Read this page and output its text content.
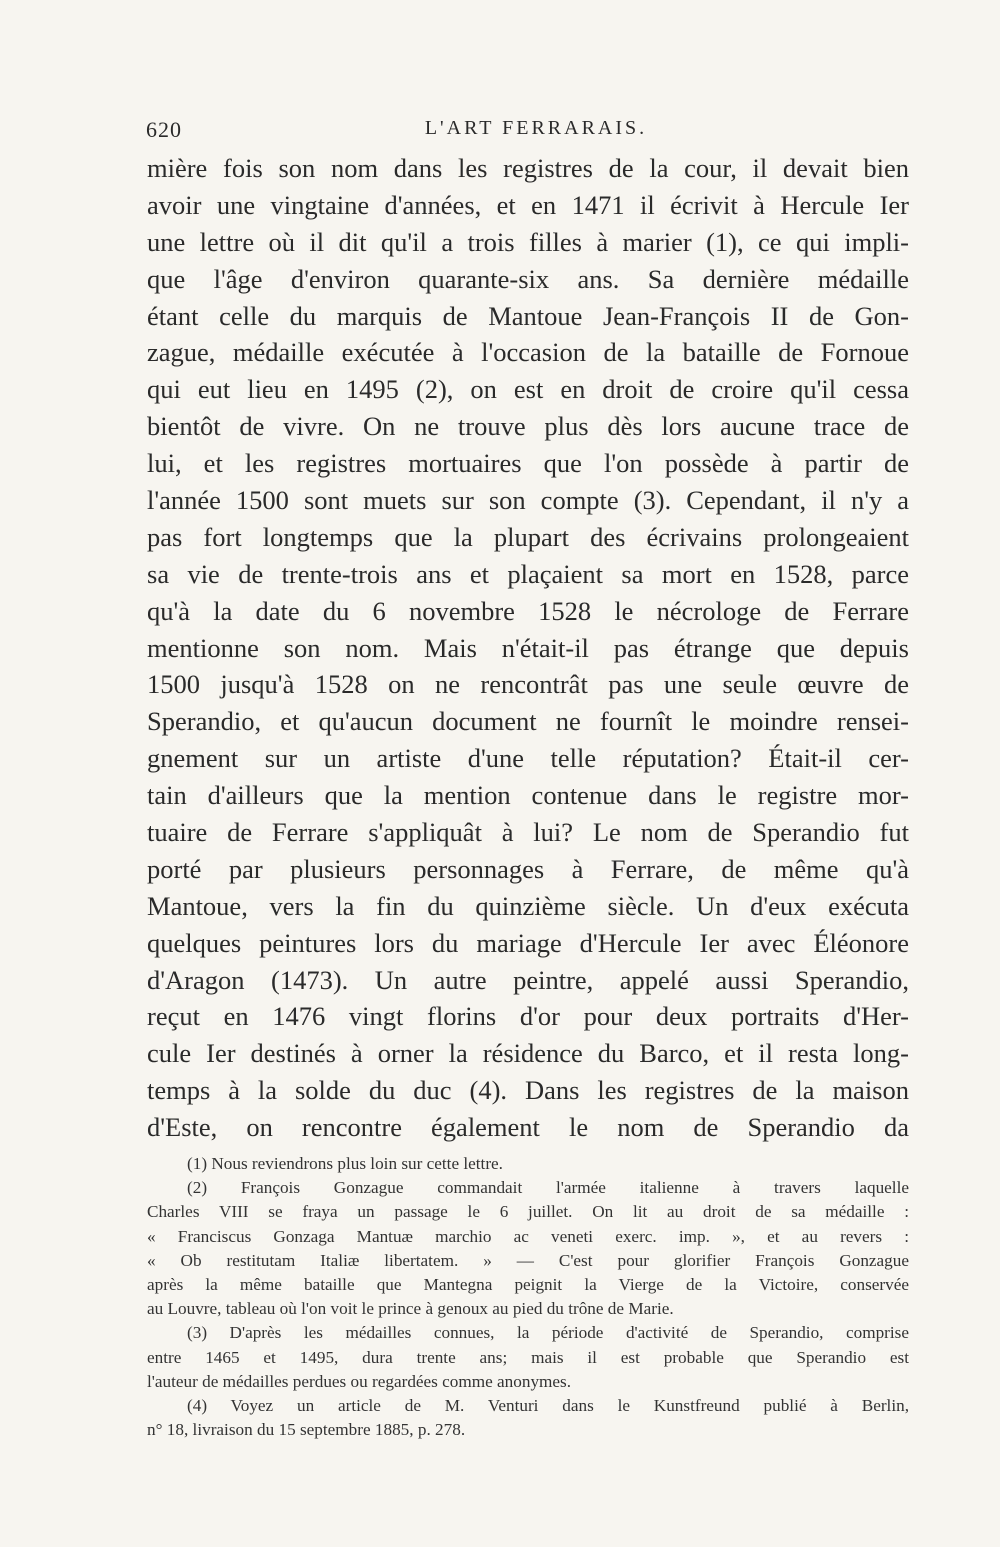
620	L'ART FERRARAIS.
mière fois son nom dans les registres de la cour, il devait bien
avoir une vingtaine d'années, et en 1471 il écrivit à Hercule Ier
une lettre où il dit qu'il a trois filles à marier (1), ce qui impli-
que l'âge d'environ quarante-six ans. Sa dernière médaille
étant celle du marquis de Mantoue Jean-François II de Gon-
zague, médaille exécutée à l'occasion de la bataille de Fornoue
qui eut lieu en 1495 (2), on est en droit de croire qu'il cessa
bientôt de vivre. On ne trouve plus dès lors aucune trace de
lui, et les registres mortuaires que l'on possède à partir de
l'année 1500 sont muets sur son compte (3). Cependant, il n'y a
pas fort longtemps que la plupart des écrivains prolongeaient
sa vie de trente-trois ans et plaçaient sa mort en 1528, parce
qu'à la date du 6 novembre 1528 le nécrologe de Ferrare
mentionne son nom. Mais n'était-il pas étrange que depuis
1500 jusqu'à 1528 on ne rencontrât pas une seule œuvre de
Sperandio, et qu'aucun document ne fournît le moindre rensei-
gnement sur un artiste d'une telle réputation? Était-il cer-
tain d'ailleurs que la mention contenue dans le registre mor-
tuaire de Ferrare s'appliquât à lui? Le nom de Sperandio fut
porté par plusieurs personnages à Ferrare, de même qu'à
Mantoue, vers la fin du quinzième siècle. Un d'eux exécuta
quelques peintures lors du mariage d'Hercule Ier avec Éléonore
d'Aragon (1473). Un autre peintre, appelé aussi Sperandio,
reçut en 1476 vingt florins d'or pour deux portraits d'Her-
cule Ier destinés à orner la résidence du Barco, et il resta long-
temps à la solde du duc (4). Dans les registres de la maison
d'Este, on rencontre également le nom de Sperandio da
(1) Nous reviendrons plus loin sur cette lettre.
(2) François Gonzague commandait l'armée italienne à travers laquelle
Charles VIII se fraya un passage le 6 juillet. On lit au droit de sa médaille :
« Franciscus Gonzaga Mantuæ marchio ac veneti exerc. imp. », et au revers :
« Ob restitutam Italiæ libertatem. » — C'est pour glorifier François Gonzague
après la même bataille que Mantegna peignit la Vierge de la Victoire, conservée
au Louvre, tableau où l'on voit le prince à genoux au pied du trône de Marie.
(3) D'après les médailles connues, la période d'activité de Sperandio, comprise
entre 1465 et 1495, dura trente ans; mais il est probable que Sperandio est
l'auteur de médailles perdues ou regardées comme anonymes.
(4) Voyez un article de M. Venturi dans le Kunstfreund publié à Berlin,
n° 18, livraison du 15 septembre 1885, p. 278.
